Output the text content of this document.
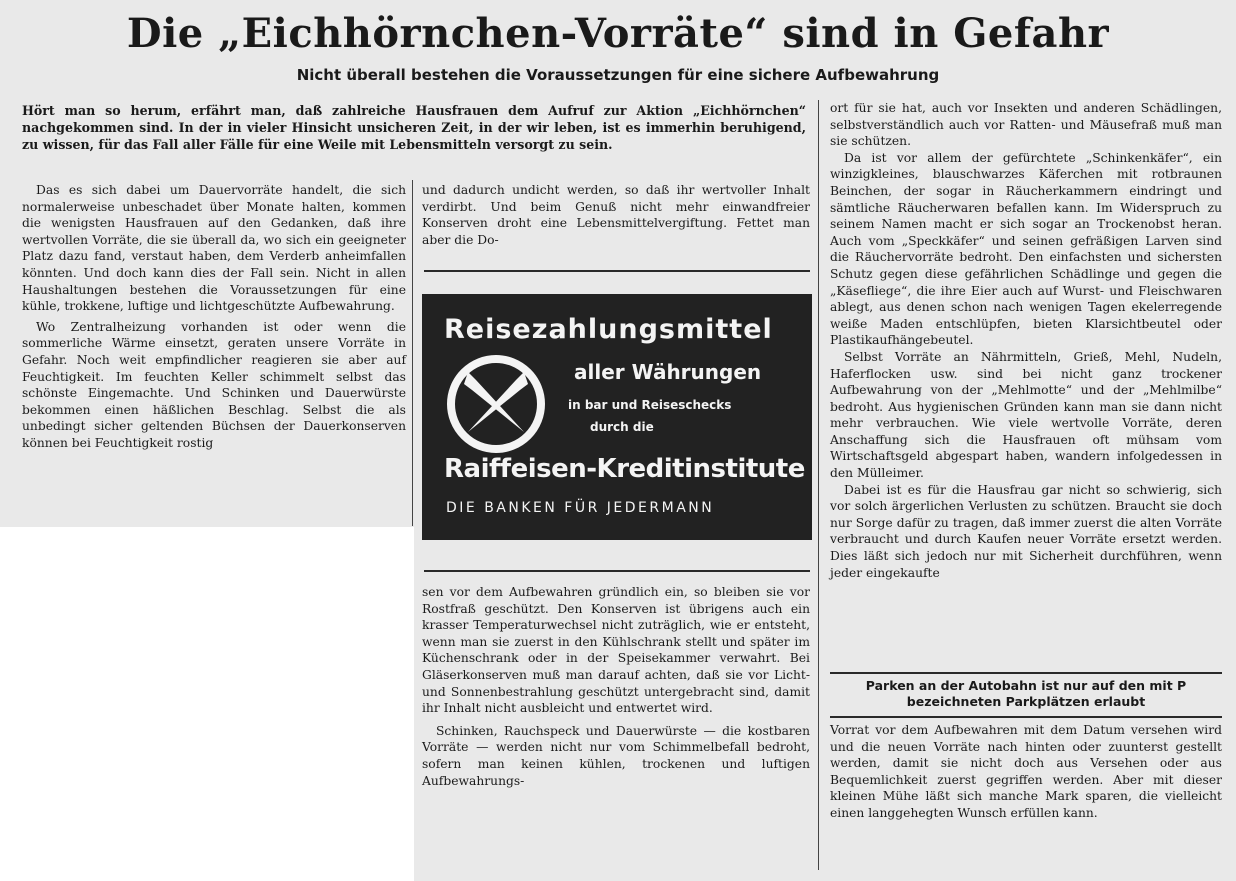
Die „Eichhörnchen-Vorräte“ sind in Gefahr
Nicht überall bestehen die Voraussetzungen für eine sichere Aufbewahrung

Hört man so herum, erfährt man, daß zahlreiche Hausfrauen dem Aufruf zur Aktion „Eichhörnchen“ nachgekommen sind. In der in vieler Hinsicht unsicheren Zeit, in der wir leben, ist es immerhin beruhigend, zu wissen, für das Fall aller Fälle für eine Weile mit Lebensmitteln versorgt zu sein.

Das es sich dabei um Dauervorräte handelt, die sich normalerweise unbeschadet über Monate halten, kommen die wenigsten Hausfrauen auf den Gedanken, daß ihre wertvollen Vorräte, die sie überall da, wo sich ein geeigneter Platz dazu fand, verstaut haben, dem Verderb anheimfallen könnten. Und doch kann dies der Fall sein. Nicht in allen Haushaltungen bestehen die Voraussetzungen für eine kühle, trokkene, luftige und lichtgeschützte Aufbewahrung.

Wo Zentralheizung vorhanden ist oder wenn die sommerliche Wärme einsetzt, geraten unsere Vorräte in Gefahr. Noch weit empfindlicher reagieren sie aber auf Feuchtigkeit. Im feuchten Keller schimmelt selbst das schönste Eingemachte. Und Schinken und Dauerwürste bekommen einen häßlichen Beschlag. Selbst die als unbedingt sicher geltenden Büchsen der Dauerkonserven können bei Feuchtigkeit rostig

und dadurch undicht werden, so daß ihr wertvoller Inhalt verdirbt. Und beim Genuß nicht mehr einwandfreier Konserven droht eine Lebensmittelvergiftung. Fettet man aber die Do-

Reisezahlungsmittel
aller Währungen
in bar und Reiseschecks
durch die
Raiffeisen-Kreditinstitute
DIE BANKEN FÜR JEDERMANN

sen vor dem Aufbewahren gründlich ein, so bleiben sie vor Rostfraß geschützt. Den Konserven ist übrigens auch ein krasser Temperaturwechsel nicht zuträglich, wie er entsteht, wenn man sie zuerst in den Kühlschrank stellt und später im Küchenschrank oder in der Speisekammer verwahrt. Bei Gläserkonserven muß man darauf achten, daß sie vor Licht- und Sonnenbestrahlung geschützt untergebracht sind, damit ihr Inhalt nicht ausbleicht und entwertet wird.

Schinken, Rauchspeck und Dauerwürste — die kostbaren Vorräte — werden nicht nur vom Schimmelbefall bedroht, sofern man keinen kühlen, trockenen und luftigen Aufbewahrungs-

ort für sie hat, auch vor Insekten und anderen Schädlingen, selbstverständlich auch vor Ratten- und Mäusefraß muß man sie schützen.

Da ist vor allem der gefürchtete „Schinkenkäfer“, ein winzigkleines, blauschwarzes Käferchen mit rotbraunen Beinchen, der sogar in Räucherkammern eindringt und sämtliche Räucherwaren befallen kann. Im Widerspruch zu seinem Namen macht er sich sogar an Trockenobst heran. Auch vom „Speckkäfer“ und seinen gefräßigen Larven sind die Räuchervorräte bedroht. Den einfachsten und sichersten Schutz gegen diese gefährlichen Schädlinge und gegen die „Käsefliege“, die ihre Eier auch auf Wurst- und Fleischwaren ablegt, aus denen schon nach wenigen Tagen ekelerregende weiße Maden entschlüpfen, bieten Klarsichtbeutel oder Plastikaufhängebeutel.

Selbst Vorräte an Nährmitteln, Grieß, Mehl, Nudeln, Haferflocken usw. sind bei nicht ganz trockener Aufbewahrung von der „Mehlmotte“ und der „Mehlmilbe“ bedroht. Aus hygienischen Gründen kann man sie dann nicht mehr verbrauchen. Wie viele wertvolle Vorräte, deren Anschaffung sich die Hausfrauen oft mühsam vom Wirtschaftsgeld abgespart haben, wandern infolgedessen in den Mülleimer.

Dabei ist es für die Hausfrau gar nicht so schwierig, sich vor solch ärgerlichen Verlusten zu schützen. Braucht sie doch nur Sorge dafür zu tragen, daß immer zuerst die alten Vorräte verbraucht und durch Kaufen neuer Vorräte ersetzt werden. Dies läßt sich jedoch nur mit Sicherheit durchführen, wenn jeder eingekaufte

Parken an der Autobahn ist nur auf den mit P bezeichneten Parkplätzen erlaubt

Vorrat vor dem Aufbewahren mit dem Datum versehen wird und die neuen Vorräte nach hinten oder zuunterst gestellt werden, damit sie nicht doch aus Versehen oder aus Bequemlichkeit zuerst gegriffen werden. Aber mit dieser kleinen Mühe läßt sich manche Mark sparen, die vielleicht einen langgehegten Wunsch erfüllen kann.
